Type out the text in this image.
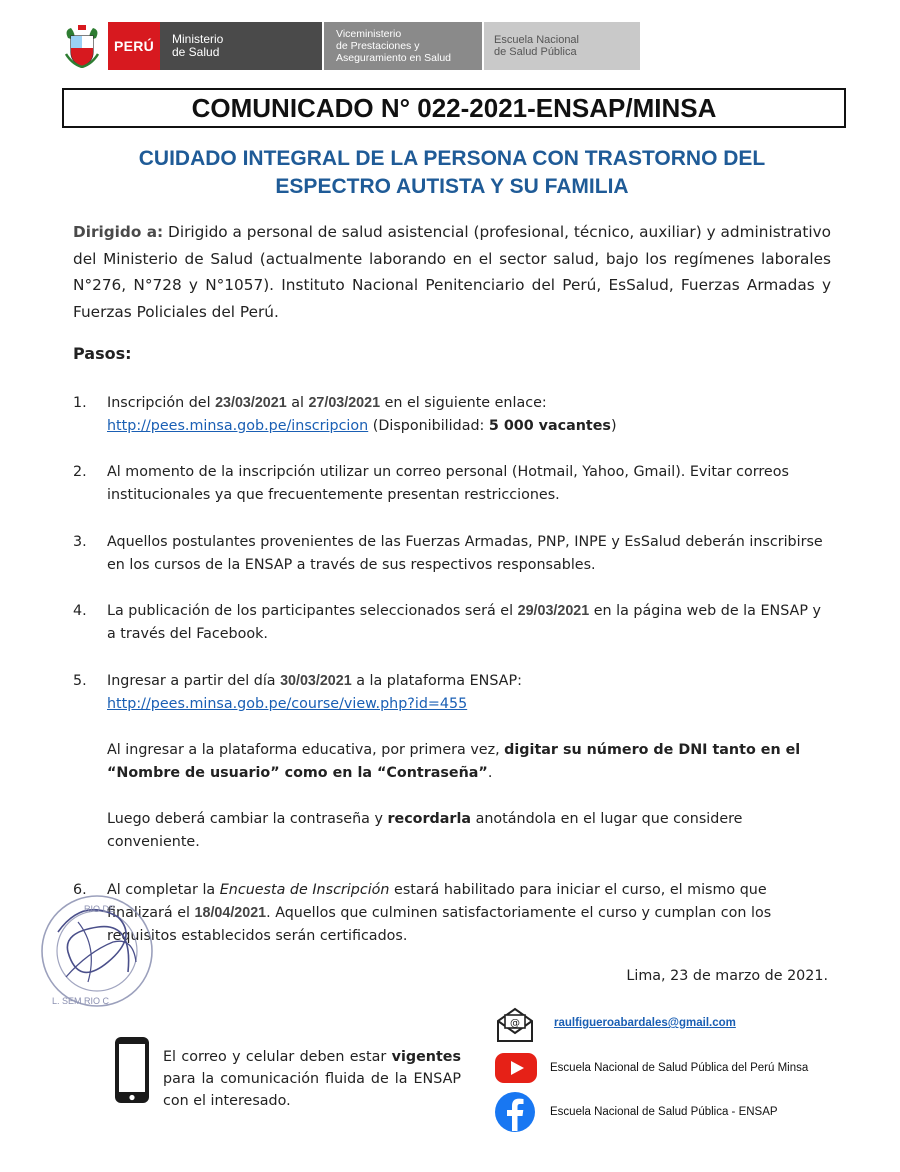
PERÚ	Ministerio
de Salud
Viceministerio
de Prestaciones y
Aseguramiento en Salud
Escuela Nacional
de Salud Pública
COMUNICADO N° 022-2021-ENSAP/MINSA
CUIDADO INTEGRAL DE LA PERSONA CON TRASTORNO DEL
ESPECTRO AUTISTA Y SU FAMILIA
Dirigido a: Dirigido a personal de salud asistencial (profesional, técnico, auxiliar) y administrativo del Ministerio de Salud (actualmente laborando en el sector salud, bajo los regímenes laborales N°276, N°728 y N°1057). Instituto Nacional Penitenciario del Perú, EsSalud, Fuerzas Armadas y Fuerzas Policiales del Perú.
Pasos:
1. Inscripción del 23/03/2021 al 27/03/2021 en el siguiente enlace:
http://pees.minsa.gob.pe/inscripcion (Disponibilidad: 5 000 vacantes)
2. Al momento de la inscripción utilizar un correo personal (Hotmail, Yahoo, Gmail). Evitar correos institucionales ya que frecuentemente presentan restricciones.
3. Aquellos postulantes provenientes de las Fuerzas Armadas, PNP, INPE y EsSalud deberán inscribirse en los cursos de la ENSAP a través de sus respectivos responsables.
4. La publicación de los participantes seleccionados será el 29/03/2021 en la página web de la ENSAP y a través del Facebook.
5. Ingresar a partir del día 30/03/2021 a la plataforma ENSAP:
http://pees.minsa.gob.pe/course/view.php?id=455
Al ingresar a la plataforma educativa, por primera vez, digitar su número de DNI tanto en el “Nombre de usuario” como en la “Contraseña”.
Luego deberá cambiar la contraseña y recordarla anotándola en el lugar que considere conveniente.
6. Al completar la Encuesta de Inscripción estará habilitado para iniciar el curso, el mismo que finalizará el 18/04/2021. Aquellos que culminen satisfactoriamente el curso y cumplan con los requisitos establecidos serán certificados.
RIO DE
L. SEM RIO C
Lima, 23 de marzo de 2021.
El correo y celular deben estar vigentes para la comunicación fluida de la ENSAP con el interesado.
@	raulfigueroabardales@gmail.com
Escuela Nacional de Salud Pública del Perú Minsa
Escuela Nacional de Salud Pública - ENSAP
